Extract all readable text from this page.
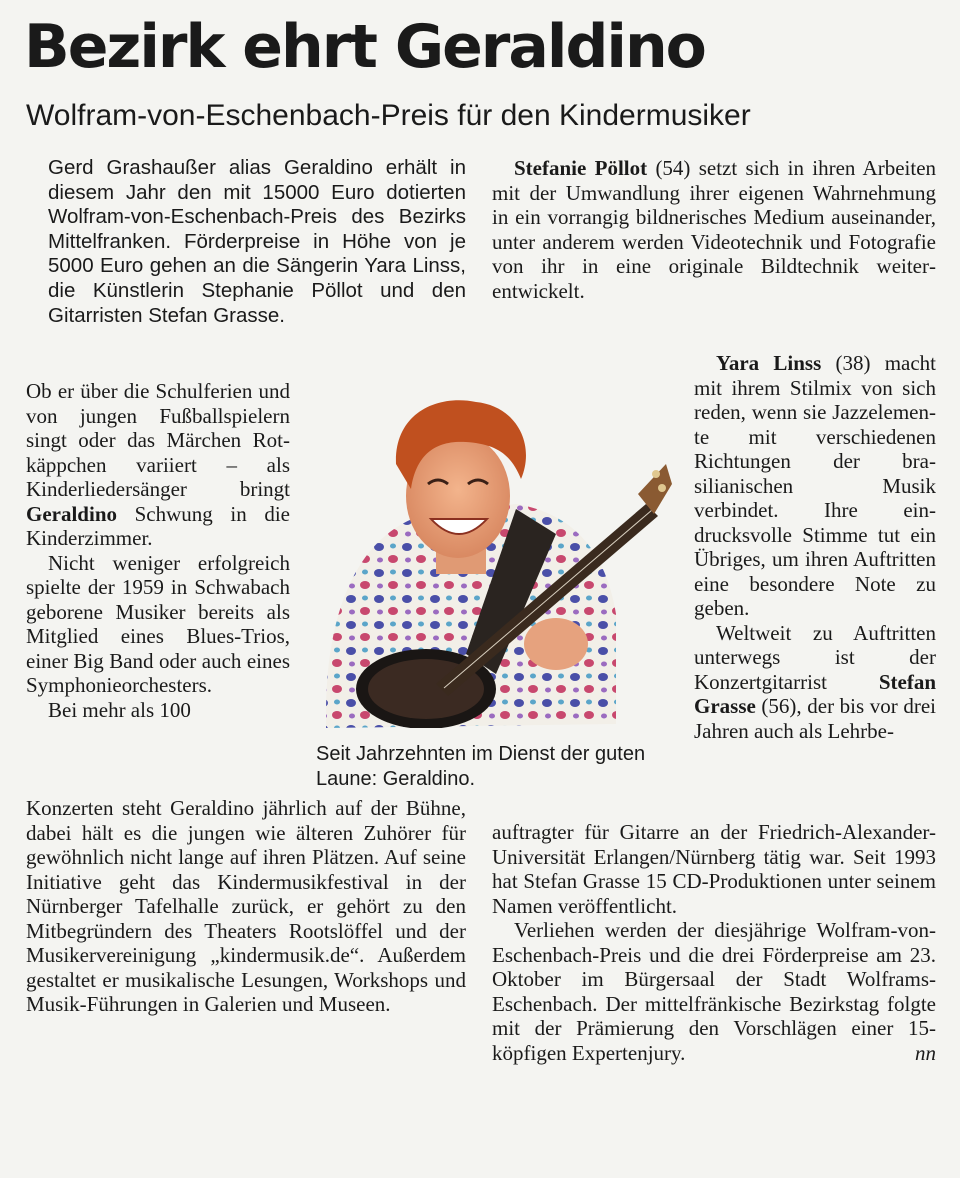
Bezirk ehrt Geraldino
Wolfram-von-Eschenbach-Preis für den Kindermusiker
Gerd Grashaußer alias Geraldino erhält in diesem Jahr den mit 15000 Euro dotierten Wolfram-von-Eschenbach-Preis des Bezirks Mittelfranken. Förderpreise in Höhe von je 5000 Euro gehen an die Sängerin Yara Linss, die Künstlerin Stephanie Pöllot und den Gitarristen Stefan Grasse.

Ob er über die Schulferien und von jungen Fußballspielern singt oder das Märchen Rotkäppchen variiert – als Kinderliedersänger bringt Geraldino Schwung in die Kinderzimmer.

Nicht weniger erfolgreich spielte der 1959 in Schwabach geborene Musiker bereits als Mitglied eines Blues-Trios, einer Big Band oder auch eines Symphonieorchesters.

Bei mehr als 100

Konzerten steht Geraldino jährlich auf der Bühne, dabei hält es die jungen wie älteren Zuhörer für gewöhnlich nicht lange auf ihren Plätzen. Auf seine Initiative geht das Kindermusikfestival in der Nürnberger Tafelhalle zurück, er gehört zu den Mitbegründern des Theaters Rootslöffel und der Musikervereinigung „kindermusik.de“. Außerdem gestaltet er musikalische Lesungen, Workshops und Musik-Führungen in Galerien und Museen.

Seit Jahrzehnten im Dienst der guten Laune: Geraldino.

Stefanie Pöllot (54) setzt sich in ihren Arbeiten mit der Umwandlung ihrer eigenen Wahrnehmung in ein vorrangig bildnerisches Medium auseinander, unter anderem werden Videotechnik und Fotografie von ihr in eine originale Bildtechnik weiterentwickelt.

Yara Linss (38) macht mit ihrem Stilmix von sich reden, wenn sie Jazzelemente mit verschiedenen Richtungen der brasilianischen Musik verbindet. Ihre eindrucksvolle Stimme tut ein Übriges, um ihren Auftritten eine besondere Note zu geben.

Weltweit zu Auftritten unterwegs ist der Konzertgitarrist Stefan Grasse (56), der bis vor drei Jahren auch als Lehrbe-

auftragter für Gitarre an der Friedrich-Alexander-Universität Erlangen/Nürnberg tätig war. Seit 1993 hat Stefan Grasse 15 CD-Produktionen unter seinem Namen veröffentlicht.

Verliehen werden der diesjährige Wolfram-von-Eschenbach-Preis und die drei Förderpreise am 23. Oktober im Bürgersaal der Stadt Wolframs-Eschenbach. Der mittelfränkische Bezirkstag folgte mit der Prämierung den Vorschlägen einer 15-köpfigen Expertenjury.	nn
